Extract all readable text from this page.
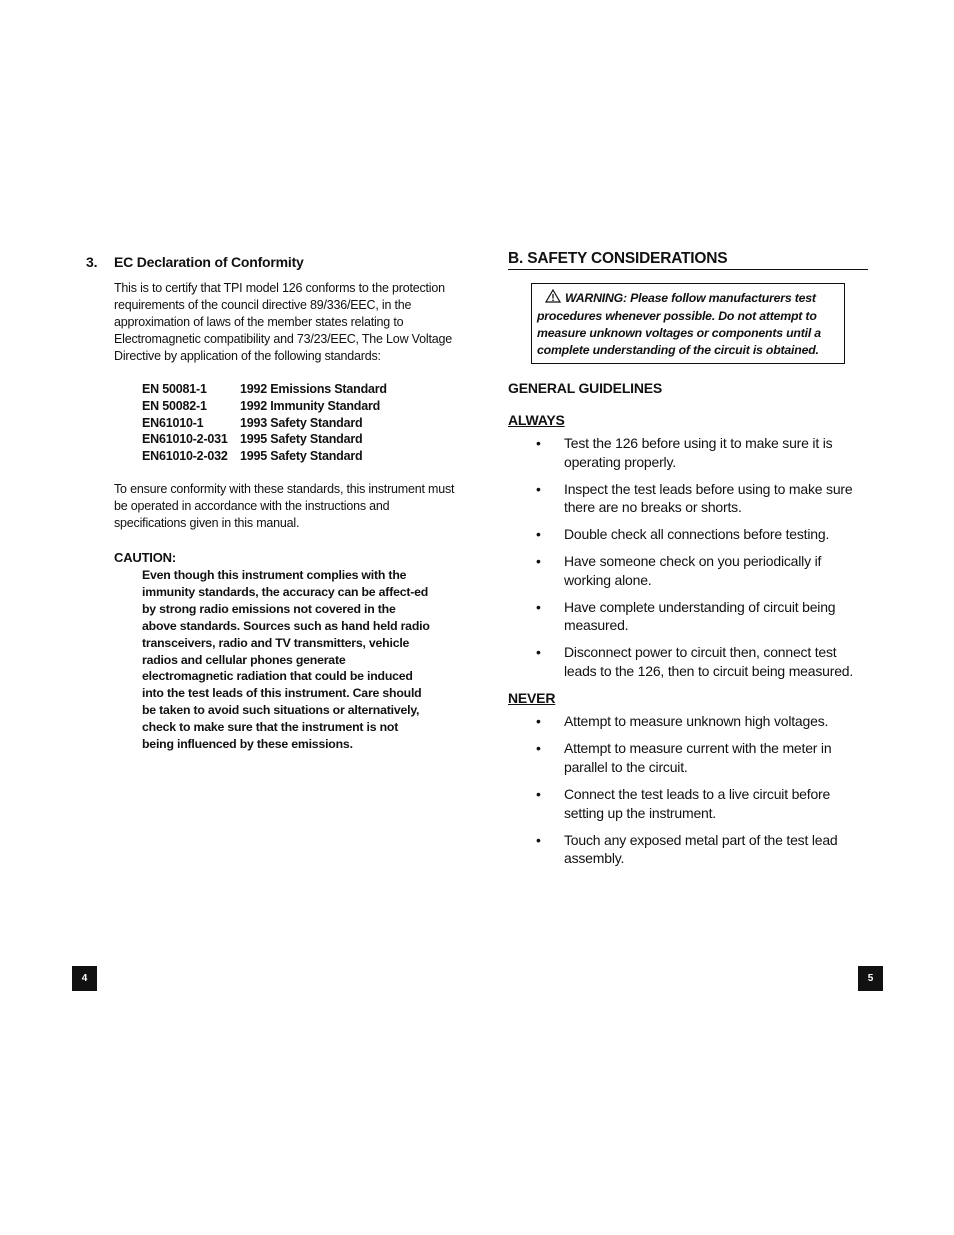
3.	EC Declaration of Conformity
This is to certify that TPI model 126 conforms to the protection requirements of the council directive 89/336/EEC, in the approximation of laws of the member states relating to Electromagnetic compatibility and 73/23/EEC, The Low Voltage Directive by application of the following standards:
EN 50081-1	1992 Emissions Standard
EN 50082-1	1992 Immunity Standard
EN61010-1	1993 Safety Standard
EN61010-2-031	1995 Safety Standard
EN61010-2-032	1995 Safety Standard
To ensure conformity with these standards, this instrument must be operated in accordance with the instructions and specifications given in this manual.
CAUTION:
Even though this instrument complies with the immunity standards, the accuracy can be affect-ed by strong radio emissions not covered in the above standards. Sources such as hand held radio transceivers, radio and TV transmitters, vehicle radios and cellular phones generate electromagnetic radiation that could be induced into the test leads of this instrument. Care should be taken to avoid such situations or alternatively, check to make sure that the instrument is not being influenced by these emissions.
B. SAFETY CONSIDERATIONS
WARNING: Please follow manufacturers test procedures whenever possible. Do not attempt to measure unknown voltages or components until a complete understanding of the circuit is obtained.
GENERAL GUIDELINES
ALWAYS
• Test the 126 before using it to make sure it is operating properly.
• Inspect the test leads before using to make sure there are no breaks or shorts.
• Double check all connections before testing.
• Have someone check on you periodically if working alone.
• Have complete understanding of circuit being measured.
• Disconnect power to circuit then, connect test leads to the 126, then to circuit being measured.
NEVER
• Attempt to measure unknown high voltages.
• Attempt to measure current with the meter in parallel to the circuit.
• Connect the test leads to a live circuit before setting up the instrument.
• Touch any exposed metal part of the test lead assembly.
4	5
